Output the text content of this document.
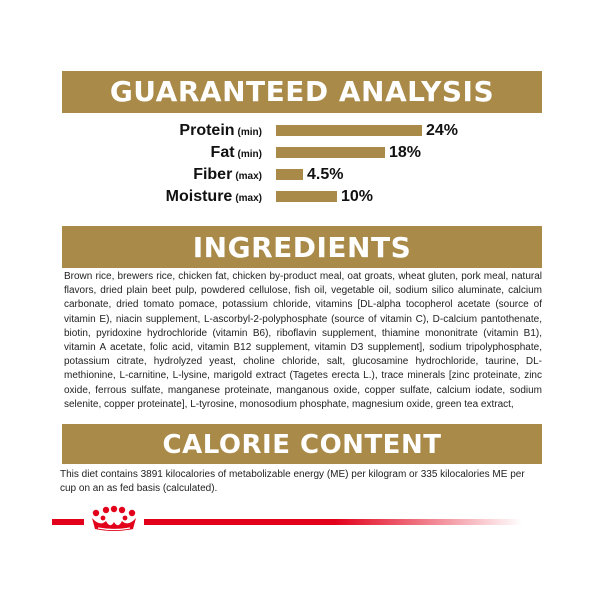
GUARANTEED ANALYSIS
Protein (min)	24%
Fat (min)	18%
Fiber (max)	4.5%
Moisture (max)	10%
INGREDIENTS

Brown rice, brewers rice, chicken fat, chicken by-product meal, oat groats, wheat gluten, pork meal, natural flavors, dried plain beet pulp, powdered cellulose, fish oil, vegetable oil, sodium silico aluminate, calcium carbonate, dried tomato pomace, potassium chloride, vitamins [DL-alpha tocopherol acetate (source of vitamin E), niacin supplement, L-ascorbyl-2-polyphosphate (source of vitamin C), D-calcium pantothenate, biotin, pyridoxine hydrochloride (vitamin B6), riboflavin supplement, thiamine mononitrate (vitamin B1), vitamin A acetate, folic acid, vitamin B12 supplement, vitamin D3 supplement], sodium tripolyphosphate, potassium citrate, hydrolyzed yeast, choline chloride, salt, glucosamine hydrochloride, taurine, DL-methionine, L-carnitine, L-lysine, marigold extract (Tagetes erecta L.), trace minerals [zinc proteinate, zinc oxide, ferrous sulfate, manganese proteinate, manganous oxide, copper sulfate, calcium iodate, sodium selenite, copper proteinate], L-tyrosine, monosodium phosphate, magnesium oxide, green tea extract,

CALORIE CONTENT

This diet contains 3891 kilocalories of metabolizable energy (ME) per kilogram or 335 kilocalories ME per cup on an as fed basis (calculated).
